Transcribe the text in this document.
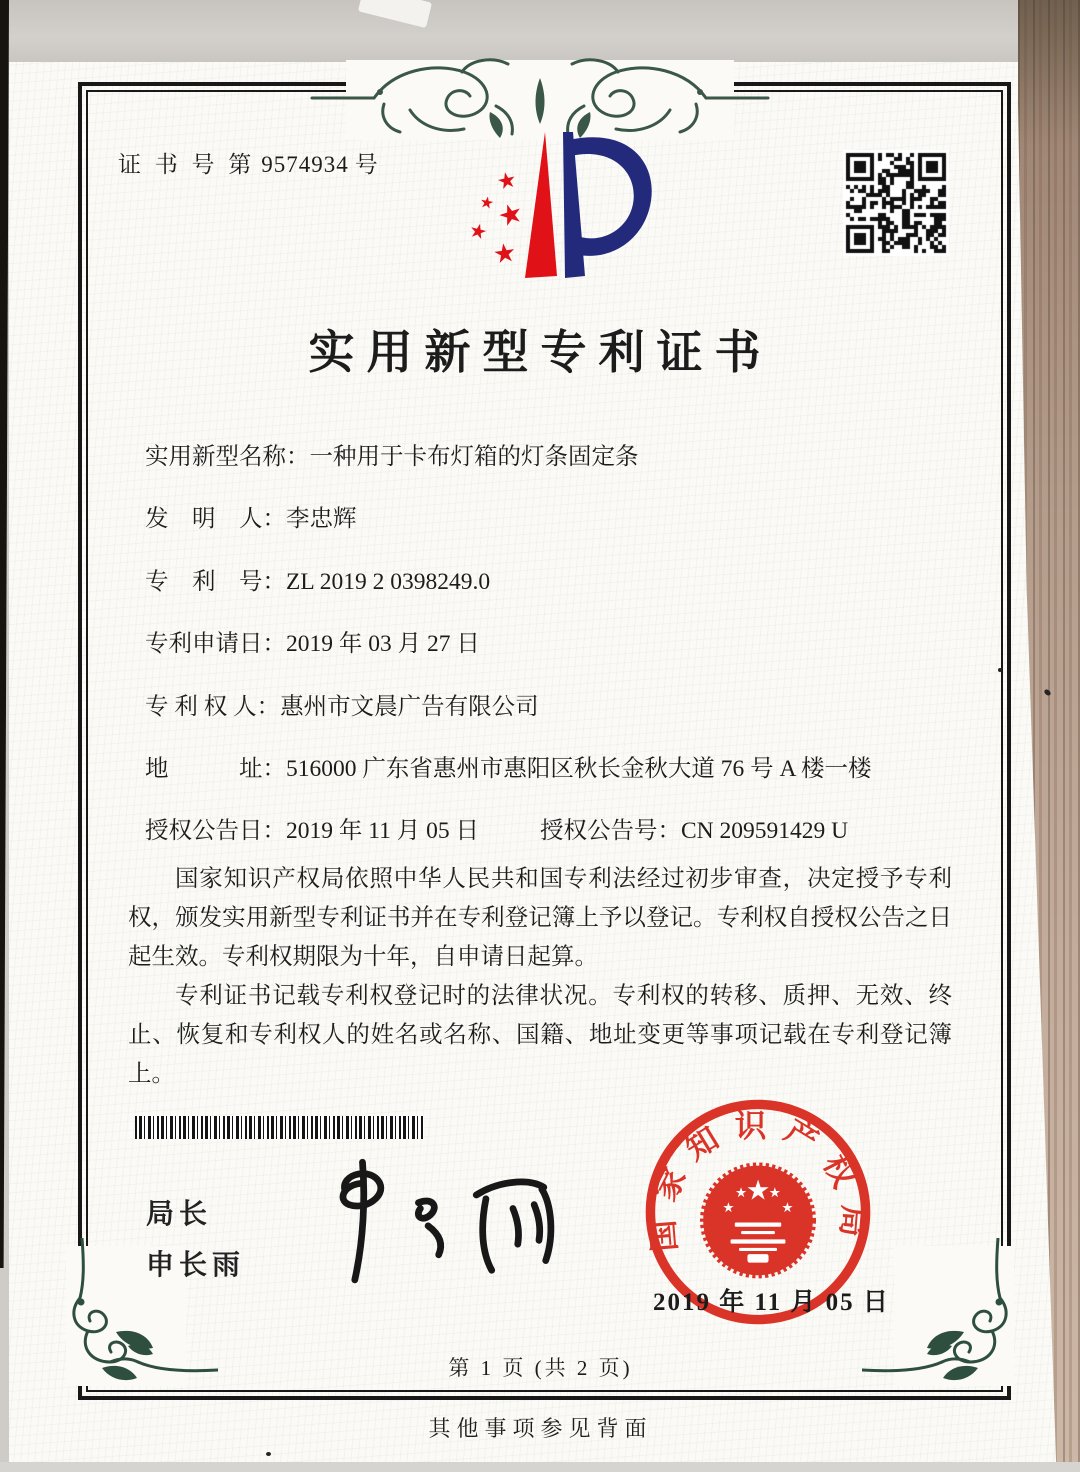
证 书 号 第 9574934 号
★
★
★
★
★
实用新型专利证书
实用新型名称：一种用于卡布灯箱的灯条固定条
发　明　人：李忠辉
专　利　号：ZL 2019 2 0398249.0
专利申请日：2019 年 03 月 27 日
专 利 权 人：惠州市文晨广告有限公司
地　　　址：516000 广东省惠州市惠阳区秋长金秋大道 76 号 A 楼一楼
授权公告日：2019 年 11 月 05 日	授权公告号：CN 209591429 U

国家知识产权局依照中华人民共和国专利法经过初步审查，决定授予专利权，颁发实用新型专利证书并在专利登记簿上予以登记。专利权自授权公告之日起生效。专利权期限为十年，自申请日起算。

专利证书记载专利权登记时的法律状况。专利权的转移、质押、无效、终止、恢复和专利权人的姓名或名称、国籍、地址变更等事项记载在专利登记簿上。

局长
申长雨
国家知识产权局
★
★
★ ★
★
2019 年 11 月 05 日
第 1 页 (共 2 页)
其他事项参见背面
